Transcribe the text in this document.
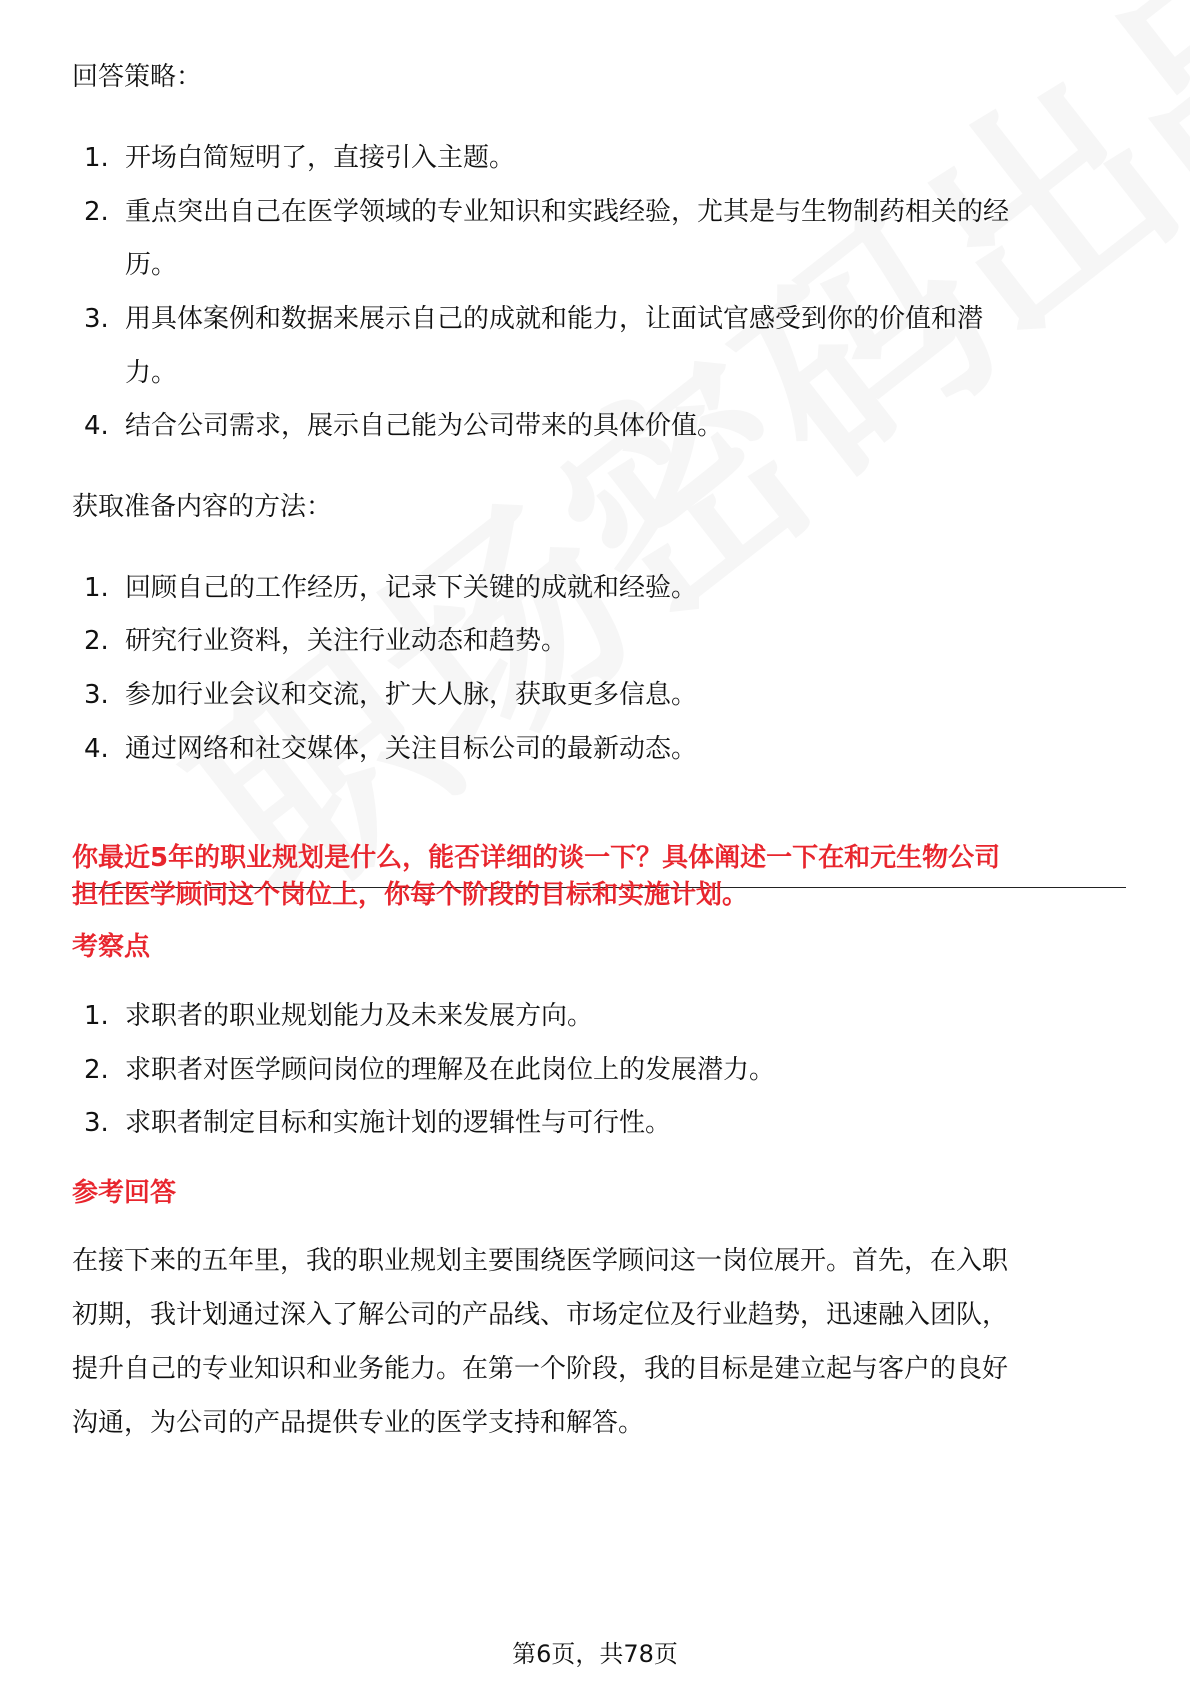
回答策略：
1. 开场白简短明了，直接引入主题。
2. 重点突出自己在医学领域的专业知识和实践经验，尤其是与生物制药相关的经
历。
3. 用具体案例和数据来展示自己的成就和能力，让面试官感受到你的价值和潜
力。
4. 结合公司需求，展示自己能为公司带来的具体价值。
获取准备内容的方法：
1. 回顾自己的工作经历，记录下关键的成就和经验。
2. 研究行业资料，关注行业动态和趋势。
3. 参加行业会议和交流，扩大人脉，获取更多信息。
4. 通过网络和社交媒体，关注目标公司的最新动态。
你最近5年的职业规划是什么，能否详细的谈一下？具体阐述一下在和元生物公司
担任医学顾问这个岗位上，你每个阶段的目标和实施计划。
考察点
1. 求职者的职业规划能力及未来发展方向。
2. 求职者对医学顾问岗位的理解及在此岗位上的发展潜力。
3. 求职者制定目标和实施计划的逻辑性与可行性。
参考回答
在接下来的五年里，我的职业规划主要围绕医学顾问这一岗位展开。首先，在入职
初期，我计划通过深入了解公司的产品线、市场定位及行业趋势，迅速融入团队，
提升自己的专业知识和业务能力。在第一个阶段，我的目标是建立起与客户的良好
沟通，为公司的产品提供专业的医学支持和解答。
第6页，共78页
